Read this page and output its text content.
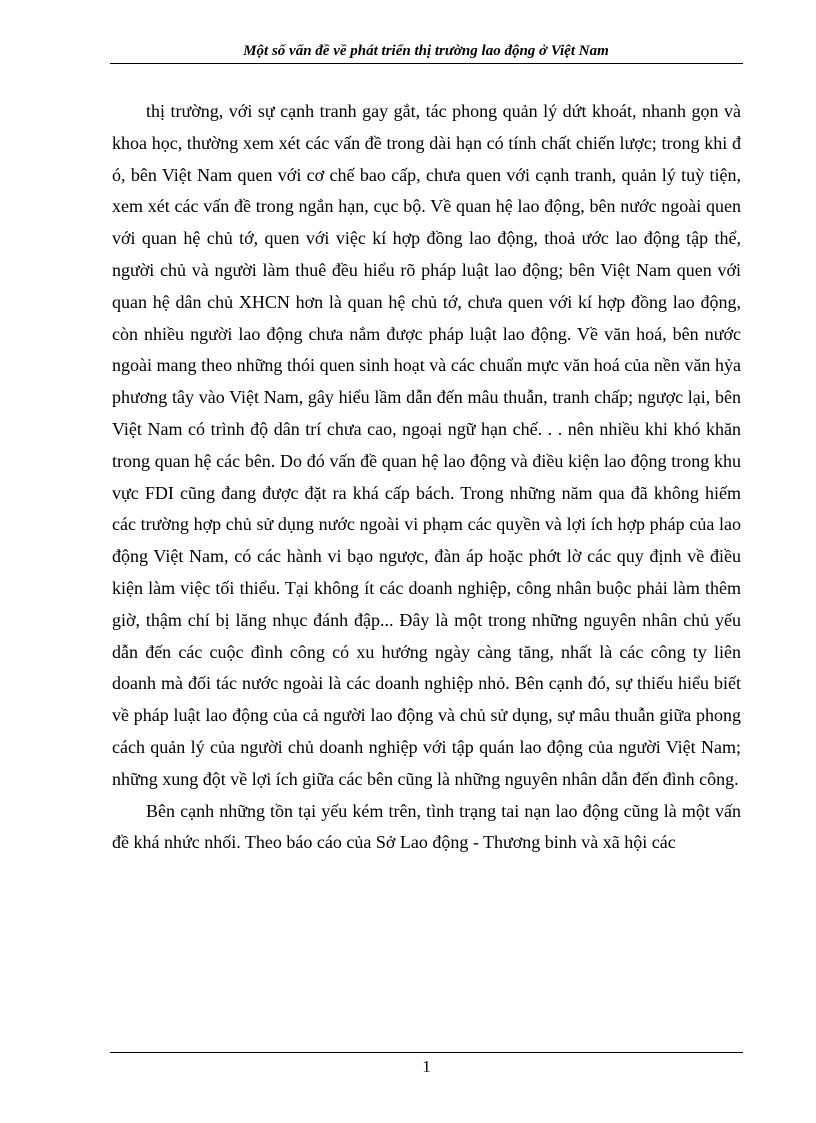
Một số vấn đề về phát triển thị trường lao động ở Việt Nam

thị trường, với sự cạnh tranh gay gắt, tác phong quản lý dứt khoát, nhanh gọn và khoa học, thường xem xét các vấn đề trong dài hạn có tính chất chiến lược; trong khi đ ó, bên Việt Nam quen với cơ chế bao cấp, chưa quen với cạnh tranh, quản lý tuỳ tiện, xem xét các vấn đề trong ngắn hạn, cục bộ. Về quan hệ lao động, bên nước ngoài quen với quan hệ chủ tớ, quen với việc kí hợp đồng lao động, thoả ước lao động tập thể, người chủ và người làm thuê đều hiểu rõ pháp luật lao động; bên Việt Nam quen với quan hệ dân chủ XHCN hơn là quan hệ chủ tớ, chưa quen với kí hợp đồng lao động, còn nhiều người lao động chưa nắm được pháp luật lao động. Về văn hoá, bên nước ngoài mang theo những thói quen sinh hoạt và các chuẩn mực văn hoá của nền văn hỷa phương tây vào Việt Nam, gây hiểu lầm dẫn đến mâu thuẫn, tranh chấp; ngược lại, bên Việt Nam có trình độ dân trí chưa cao, ngoại ngữ hạn chế. . . nên nhiều khi khó khăn trong quan hệ các bên. Do đó vấn đề quan hệ lao động và điều kiện lao động trong khu vực FDI cũng đang được đặt ra khá cấp bách. Trong những năm qua đã không hiếm các trường hợp chủ sử dụng nước ngoài vi phạm các quyền và lợi ích hợp pháp của lao động Việt Nam, có các hành vi bạo ngược, đàn áp hoặc phớt lờ các quy định về điều kiện làm việc tối thiểu. Tại không ít các doanh nghiệp, công nhân buộc phải làm thêm giờ, thậm chí bị lăng nhục đánh đập... Đây là một trong những nguyên nhân chủ yếu dẫn đến các cuộc đình công có xu hướng ngày càng tăng, nhất là các công ty liên doanh mà đối tác nước ngoài là các doanh nghiệp nhỏ. Bên cạnh đó, sự thiếu hiểu biết về pháp luật lao động của cả người lao động và chủ sử dụng, sự mâu thuẫn giữa phong cách quản lý của người chủ doanh nghiệp với tập quán lao động của người Việt Nam; những xung đột về lợi ích giữa các bên cũng là những nguyên nhân dẫn đến đình công.

Bên cạnh những tồn tại yếu kém trên, tình trạng tai nạn lao động cũng là một vấn đề khá nhức nhối. Theo báo cáo của Sở Lao động - Thương binh và xã hội các

1
